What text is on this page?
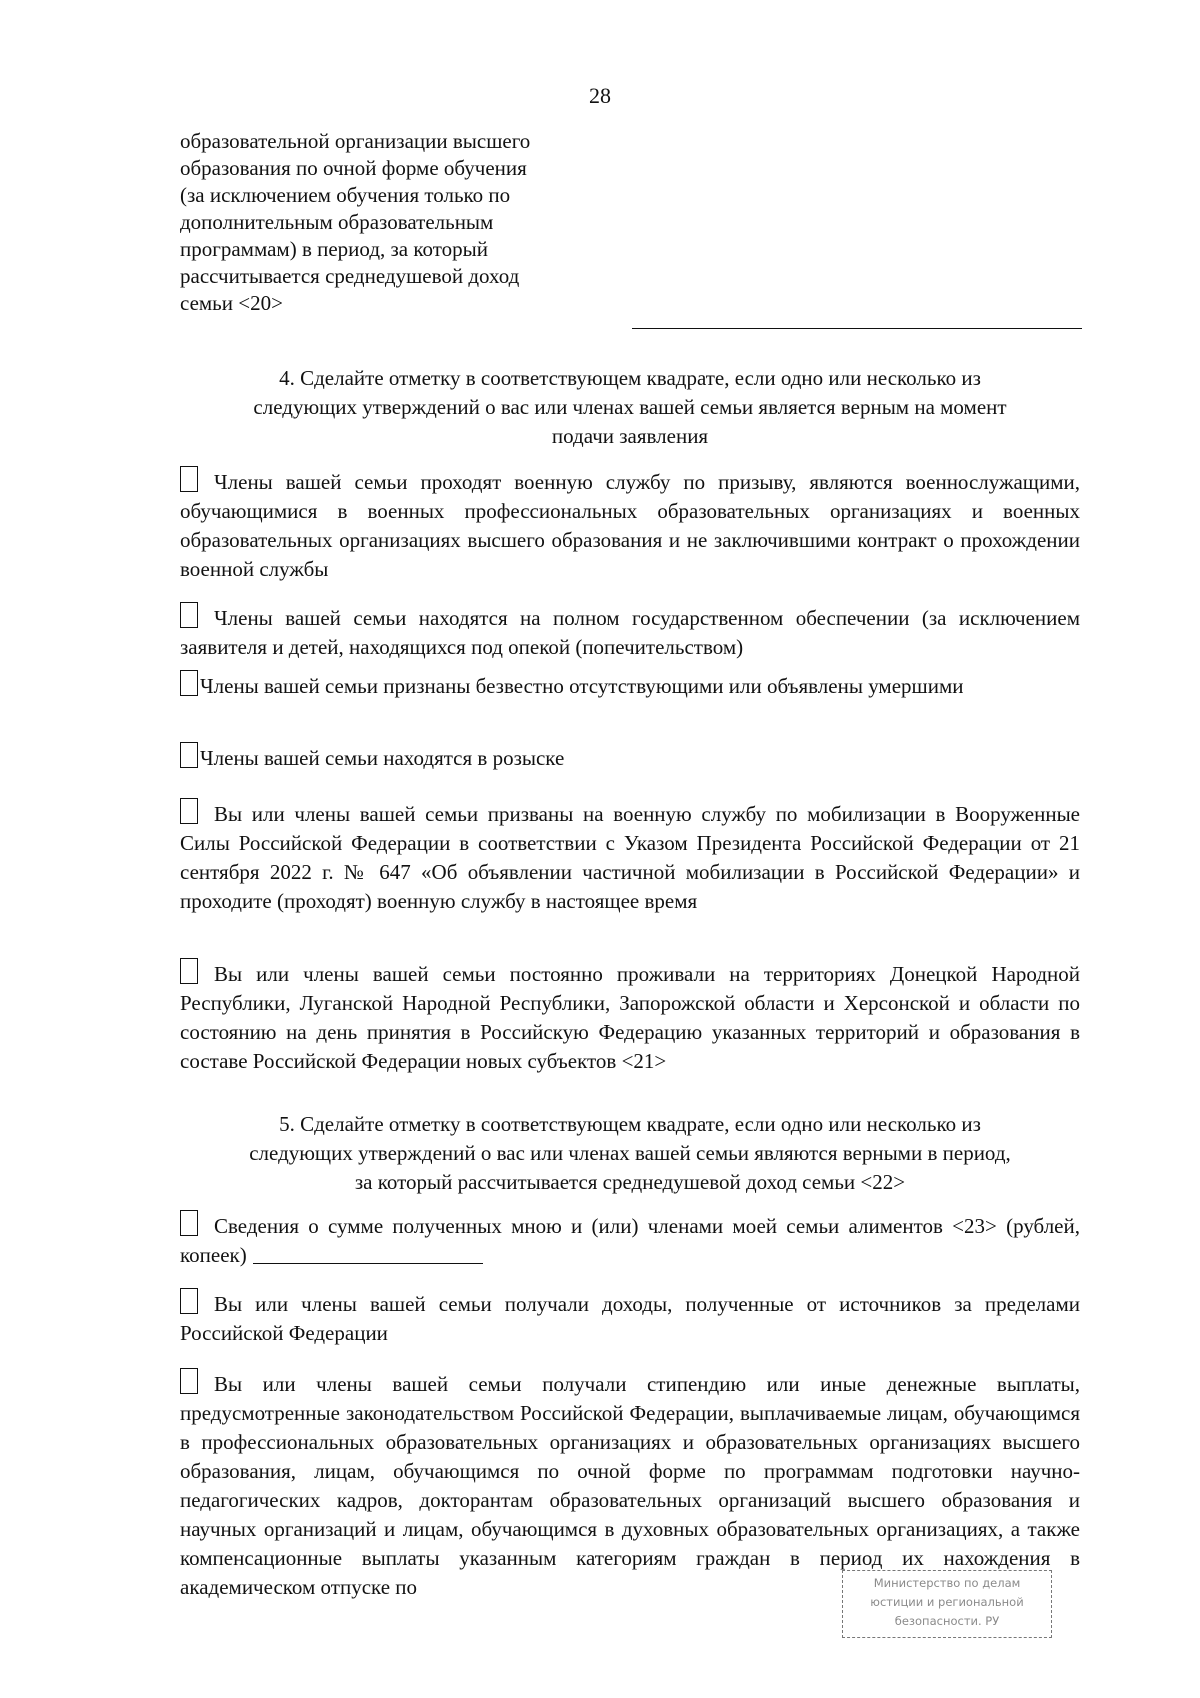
28
образовательной организации высшего
образования по очной форме обучения
(за исключением обучения только по
дополнительным образовательным
программам) в период, за который
рассчитывается среднедушевой доход
семьи <20>
4. Сделайте отметку в соответствующем квадрате, если одно или несколько из
следующих утверждений о вас или членах вашей семьи является верным на момент
подачи заявления
Члены вашей семьи проходят военную службу по призыву, являются военнослужащими, обучающимися в военных профессиональных образовательных организациях и военных образовательных организациях высшего образования и не заключившими контракт о прохождении военной службы
Члены вашей семьи находятся на полном государственном обеспечении (за исключением заявителя и детей, находящихся под опекой (попечительством)
Члены вашей семьи признаны безвестно отсутствующими или объявлены умершими
Члены вашей семьи находятся в розыске
Вы или члены вашей семьи призваны на военную службу по мобилизации в Вооруженные Силы Российской Федерации в соответствии с Указом Президента Российской Федерации от 21 сентября 2022 г. № 647 «Об объявлении частичной мобилизации в Российской Федерации» и проходите (проходят) военную службу в настоящее время
Вы или члены вашей семьи постоянно проживали на территориях Донецкой Народной Республики, Луганской Народной Республики, Запорожской области и Херсонской и области по состоянию на день принятия в Российскую Федерацию указанных территорий и образования в составе Российской Федерации новых субъектов <21>
5. Сделайте отметку в соответствующем квадрате, если одно или несколько из
следующих утверждений о вас или членах вашей семьи являются верными в период,
за который рассчитывается среднедушевой доход семьи <22>
Сведения о сумме полученных мною и (или) членами моей семьи алиментов <23> (рублей, копеек)
Вы или члены вашей семьи получали доходы, полученные от источников за пределами Российской Федерации
Вы или члены вашей семьи получали стипендию или иные денежные выплаты, предусмотренные законодательством Российской Федерации, выплачиваемые лицам, обучающимся в профессиональных образовательных организациях и образовательных организациях высшего образования, лицам, обучающимся по очной форме по программам подготовки научно-педагогических кадров, докторантам образовательных организаций высшего образования и научных организаций и лицам, обучающимся в духовных образовательных организациях, а также компенсационные выплаты указанным категориям граждан в период их нахождения в академическом отпуске по	Министерство по делам
юстиции и региональной
безопасности. РУ
